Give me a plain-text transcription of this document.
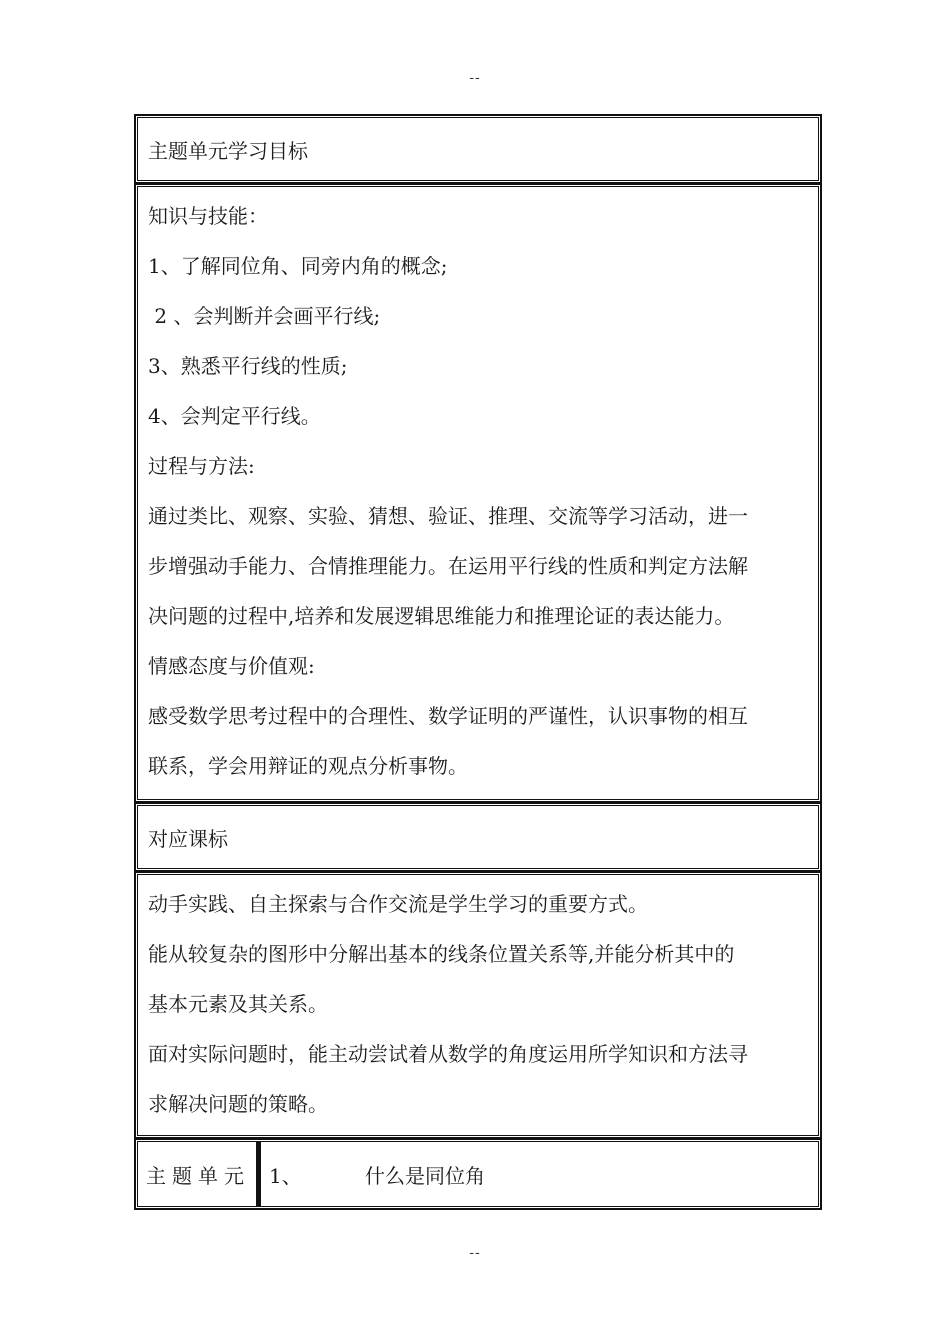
--
主题单元学习目标
知识与技能：
1、了解同位角、同旁内角的概念;
2 、会判断并会画平行线;
3、熟悉平行线的性质;
4、会判定平行线。
过程与方法:
通过类比、观察、实验、猜想、验证、推理、交流等学习活动，进一
步增强动手能力、合情推理能力。在运用平行线的性质和判定方法解
决问题的过程中,培养和发展逻辑思维能力和推理论证的表达能力。
情感态度与价值观:
感受数学思考过程中的合理性、数学证明的严谨性，认识事物的相互
联系，学会用辩证的观点分析事物。
对应课标
动手实践、自主探索与合作交流是学生学习的重要方式。
能从较复杂的图形中分解出基本的线条位置关系等,并能分析其中的
基本元素及其关系。
面对实际问题时，能主动尝试着从数学的角度运用所学知识和方法寻
求解决问题的策略。
主题单元 1、	什么是同位角
--
